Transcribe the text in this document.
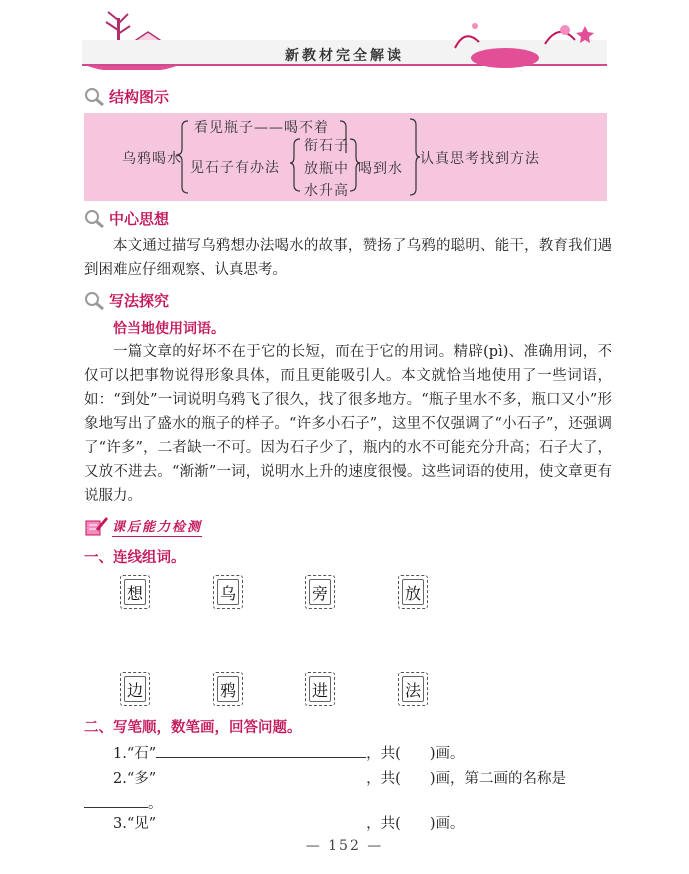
新教材完全解读
结构图示
乌鸦喝水
看见瓶子——喝不着
见石子有办法
衔石子
放瓶中
水升高
喝到水
认真思考找到方法
中心思想

本文通过描写乌鸦想办法喝水的故事，赞扬了乌鸦的聪明、能干，教育我们遇到困难应仔细观察、认真思考。

写法探究
恰当地使用词语。

一篇文章的好坏不在于它的长短，而在于它的用词。精辟(pì)、准确用词，不仅可以把事物说得形象具体，而且更能吸引人。本文就恰当地使用了一些词语，如：“到处”一词说明乌鸦飞了很久，找了很多地方。“瓶子里水不多，瓶口又小”形象地写出了盛水的瓶子的样子。“许多小石子”，这里不仅强调了“小石子”，还强调了“许多”，二者缺一不可。因为石子少了，瓶内的水不可能充分升高；石子大了，又放不进去。“渐渐”一词，说明水上升的速度很慢。这些词语的使用，使文章更有说服力。

课后能力检测
一、连线组词。
想	乌	旁	放
边	鸦	进	法
二、写笔顺，数笔画，回答问题。
1.“石”	，共(　　)画。
2.“多”	，共(　　)画，第二画的名称是
。
3.“见”	，共(　　)画。
— 152 —
